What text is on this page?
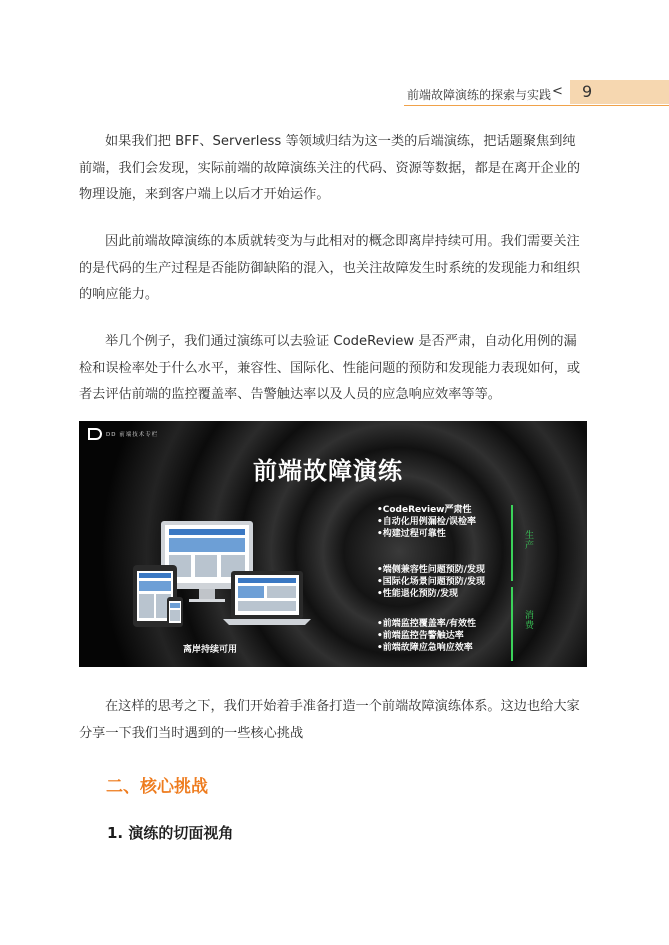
前端故障演练的探索与实践 < 9

如果我们把 BFF、Serverless 等领域归结为这一类的后端演练，把话题聚焦到纯
前端，我们会发现，实际前端的故障演练关注的代码、资源等数据，都是在离开企业的
物理设施，来到客户端上以后才开始运作。

因此前端故障演练的本质就转变为与此相对的概念即离岸持续可用。我们需要关注
的是代码的生产过程是否能防御缺陷的混入，也关注故障发生时系统的发现能力和组织
的响应能力。

举几个例子，我们通过演练可以去验证 CodeReview 是否严肃，自动化用例的漏
检和误检率处于什么水平，兼容性、国际化、性能问题的预防和发现能力表现如何，或
者去评估前端的监控覆盖率、告警触达率以及人员的应急响应效率等等。

DD 前端技术专栏
前端故障演练

•CodeReview严肃性
•自动化用例漏检/误检率
•构建过程可靠性

•端侧兼容性问题预防/发现
•国际化场景问题预防/发现
•性能退化预防/发现

•前端监控覆盖率/有效性
•前端监控告警触达率
•前端故障应急响应效率

生产
消费
离岸持续可用

在这样的思考之下，我们开始着手准备打造一个前端故障演练体系。这边也给大家
分享一下我们当时遇到的一些核心挑战

二、核心挑战
1. 演练的切面视角
